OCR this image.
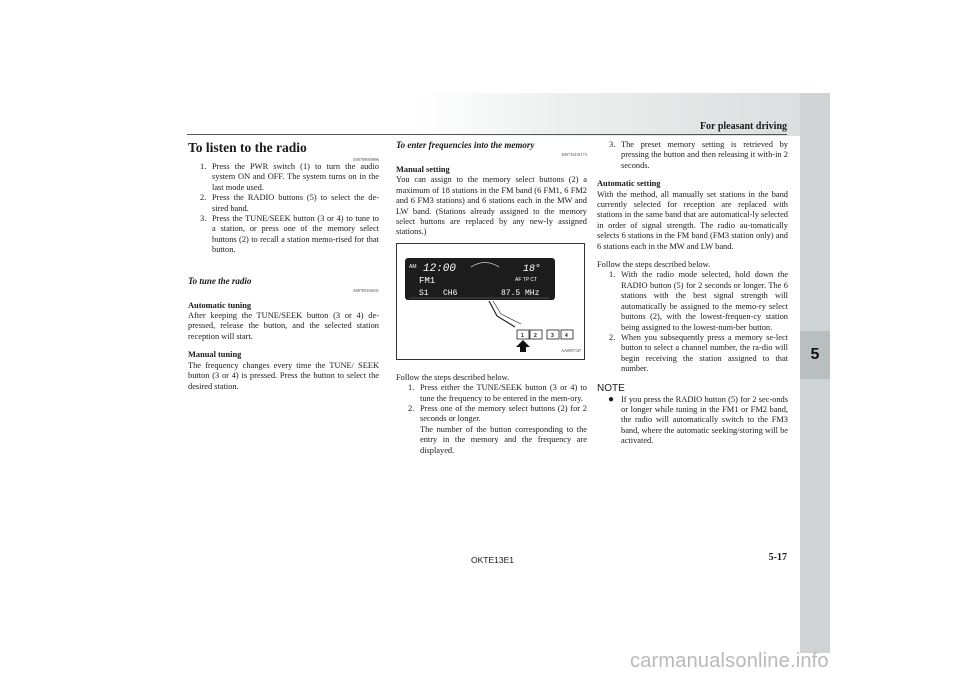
For pleasant driving
5
To listen to the radio
E00709000896
1. Press the PWR switch (1) to turn the audio system ON and OFF. The system turns on in the last mode used.
2. Press the RADIO buttons (5) to select the de-sired band.
3. Press the TUNE/SEEK button (3 or 4) to tune to a station, or press one of the memory select buttons (2) to recall a station memo-rised for that button.
To tune the radio
E00709100431

Automatic tuning

After keeping the TUNE/SEEK button (3 or 4) de-pressed, release the button, and the selected station reception will start.

Manual tuning

The frequency changes every time the TUNE/ SEEK button (3 or 4) is pressed. Press the button to select the desired station.

To enter frequencies into the memory
E00716101173

Manual setting

You can assign to the memory select buttons (2) a maximum of 18 stations in the FM band (6 FM1, 6 FM2 and 6 FM3 stations) and 6 stations each in the MW and LW band. (Stations already assigned to the memory select buttons are replaced by any new-ly assigned stations.)

AM 12:00	18°
FM1	AF TP CT
S1 CH6	87.5 MHz
1 2	3 4
AA0097147

Follow the steps described below.

1. Press either the TUNE/SEEK button (3 or 4) to tune the frequency to be entered in the mem-ory.
2. Press one of the memory select buttons (2) for 2 seconds or longer.

The number of the button corresponding to the entry in the memory and the frequency are displayed.

3. The preset memory setting is retrieved by pressing the button and then releasing it with-in 2 seconds.

Automatic setting

With the method, all manually set stations in the band currently selected for reception are replaced with stations in the same band that are automatical-ly selected in order of signal strength. The radio au-tomatically selects 6 stations in the FM band (FM3 station only) and 6 stations each in the MW and LW band.

Follow the steps described below.

1. With the radio mode selected, hold down the RADIO button (5) for 2 seconds or longer. The 6 stations with the best signal strength will automatically be assigned to the memo-ry select buttons (2), with the lowest-frequen-cy station being assigned to the lowest-num-ber button.
2. When you subsequently press a memory se-lect button to select a channel number, the ra-dio will begin receiving the station assigned to that number.
NOTE
● If you press the RADIO button (5) for 2 sec-onds or longer while tuning in the FM1 or FM2 band, the radio will automatically switch to the FM3 band, where the automatic seeking/storing will be activated.
OKTE13E1	5-17
carmanualsonline.info
